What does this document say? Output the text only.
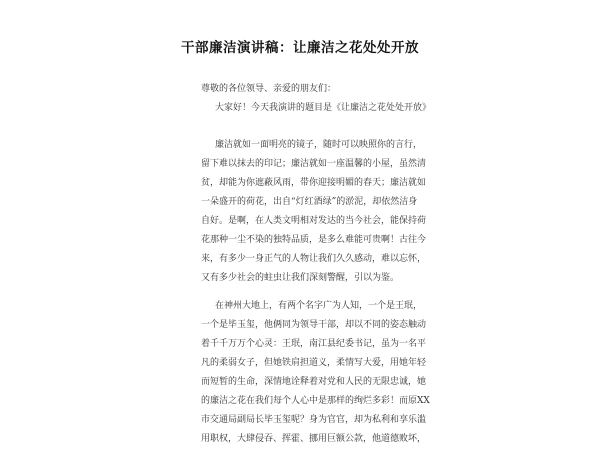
干部廉洁演讲稿：让廉洁之花处处开放
尊敬的各位领导、亲爱的朋友们：
大家好！今天我演讲的题目是《让廉洁之花处处开放》
廉洁就如一面明亮的镜子，随时可以映照你的言行，
留下难以抹去的印记；廉洁就如一座温馨的小屋，虽然清
贫，却能为你遮蔽风雨，带你迎接明媚的春天；廉洁就如
一朵盛开的荷花，出自“灯红酒绿”的淤泥，却依然洁身
自好。是啊，在人类文明相对发达的当今社会，能保持荷
花那种一尘不染的独特品质，是多么难能可贵啊！古往今
来，有多少一身正气的人物让我们久久感动，难以忘怀，
又有多少社会的蛀虫让我们深刻警醒，引以为鉴。
在神州大地上，有两个名字广为人知，一个是王珉，
一个是毕玉玺，他俩同为领导干部，却以不同的姿态触动
着千千万万个心灵：王珉，南江县纪委书记，虽为一名平
凡的柔弱女子，但她铁肩担道义，柔情写大爱，用她年轻
而短暂的生命，深情地诠释着对党和人民的无限忠诚，她
的廉洁之花在我们每个人心中是那样的绚烂多彩！而原XX
市交通局副局长毕玉玺呢？身为官官，却为私利和享乐滥
用职权，大肆侵吞、挥霍、挪用巨额公款，他道德败坏，
